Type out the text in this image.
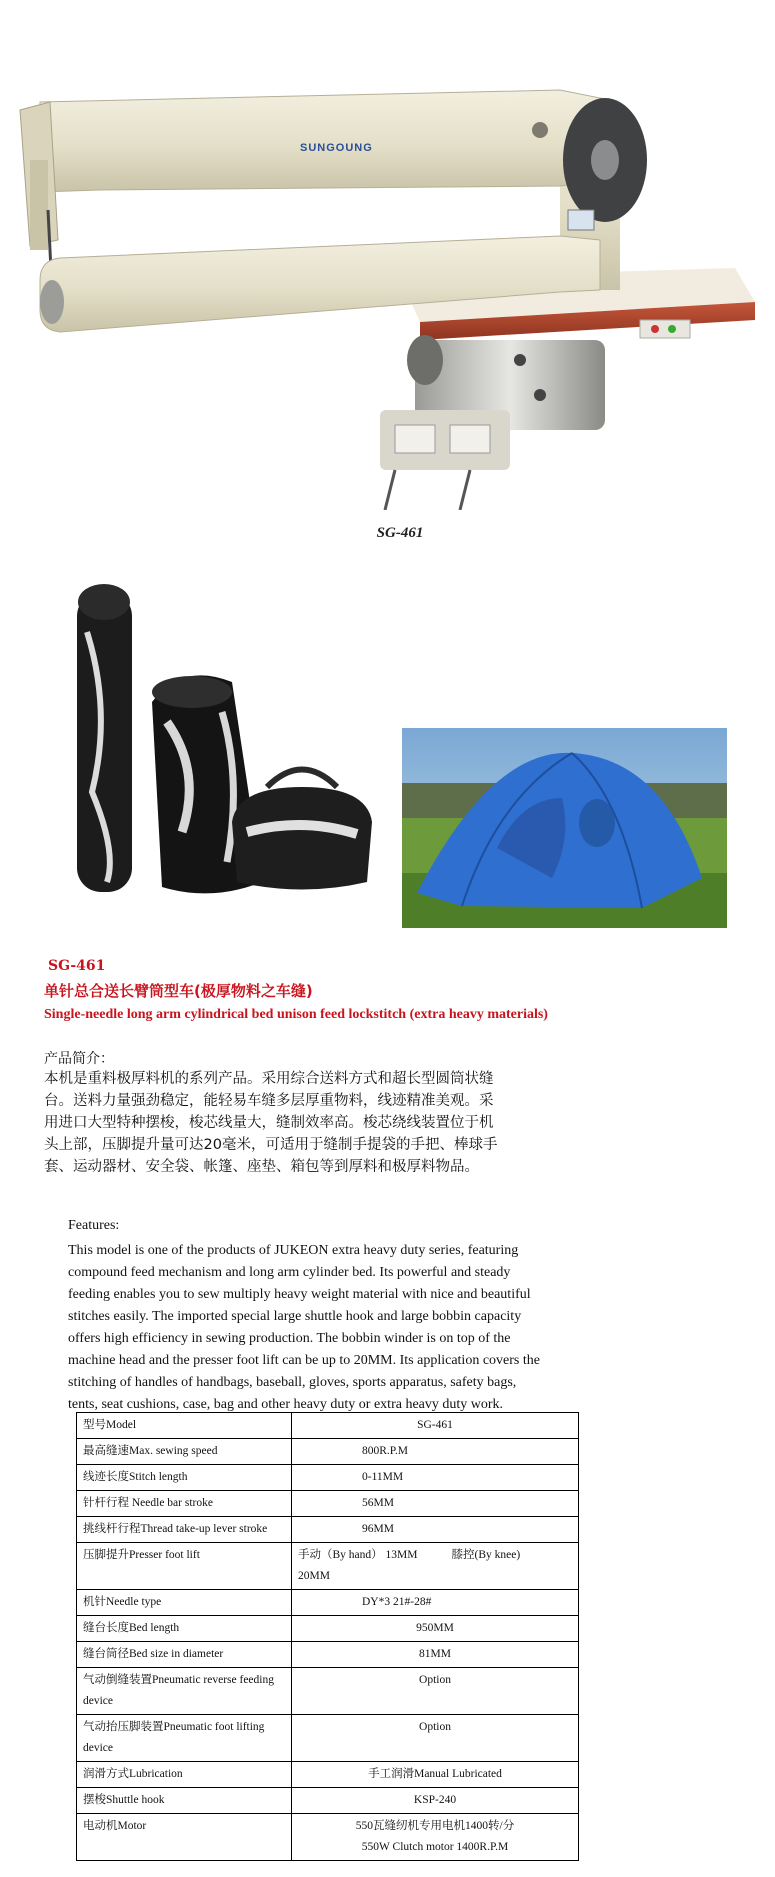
SUNGOUNG
SG-461
SG-461
单针总合送长臂筒型车(极厚物料之车缝)
Single-needle long arm cylindrical bed unison feed lockstitch (extra heavy materials)
产品简介：
本机是重料极厚料机的系列产品。采用综合送料方式和超长型圆筒状缝
台。送料力量强劲稳定，能轻易车缝多层厚重物料，线迹精准美观。采
用进口大型特种摆梭，梭芯线量大，缝制效率高。梭芯绕线装置位于机
头上部，压脚提升量可达20毫米，可适用于缝制手提袋的手把、棒球手
套、运动器材、安全袋、帐篷、座垫、箱包等到厚料和极厚料物品。
Features:
This model is one of the products of JUKEON extra heavy duty series, featuring
compound feed mechanism and long arm cylinder bed. Its powerful and steady
feeding enables you to sew multiply heavy weight material with nice and beautiful
stitches easily. The imported special large shuttle hook and large bobbin capacity
offers high efficiency in sewing production. The bobbin winder is on top of the
machine head and the presser foot lift can be up to 20MM. Its application covers the
stitching of handles of handbags, baseball, gloves, sports apparatus, safety bags,
tents, seat cushions, case, bag and other heavy duty or extra heavy duty work.
型号Model	SG-461
最高缝速Max. sewing speed	800R.P.M
线迹长度Stitch length	0-11MM
针杆行程 Needle bar stroke	56MM
挑线杆行程Thread take-up lever stroke	96MM
压脚提升Presser foot lift	手动（By hand） 13MM 膝控(By knee)
20MM
机针Needle type	DY*3 21#-28#
缝台长度Bed length	950MM
缝台筒径Bed size in diameter	81MM
气动倒缝装置Pneumatic reverse feeding device	Option
气动抬压脚装置Pneumatic foot lifting device	Option
润滑方式Lubrication	手工润滑Manual Lubricated
摆梭Shuttle hook	KSP-240
电动机Motor	550瓦缝纫机专用电机1400转/分
550W Clutch motor 1400R.P.M
